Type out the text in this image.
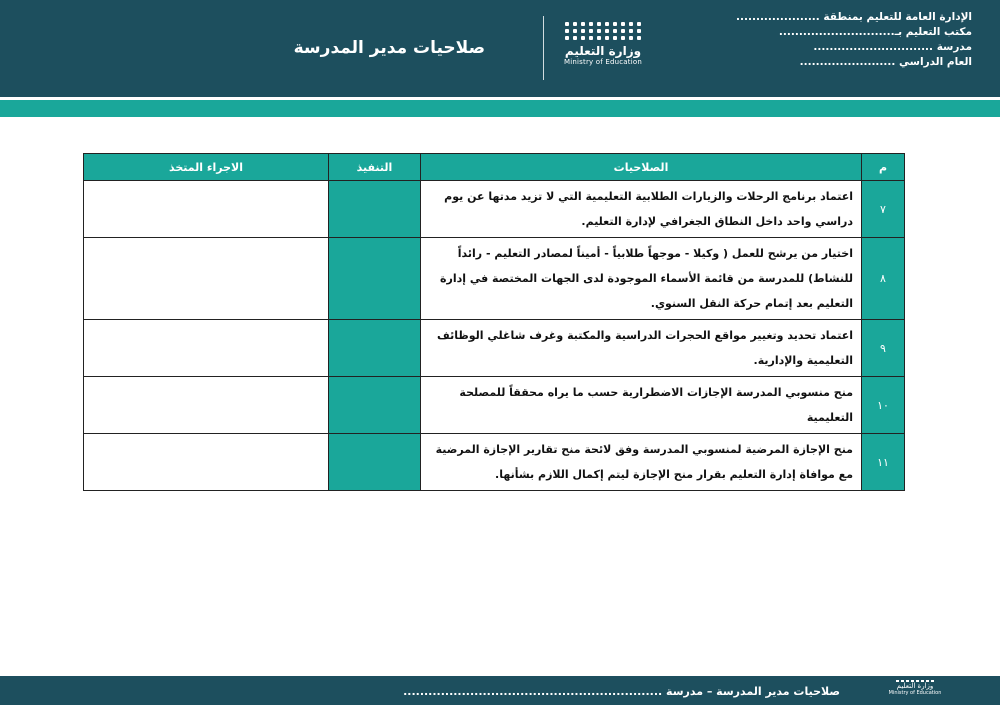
الإدارة العامة للتعليم بمنطقة .....................
مكتب التعليم بـ.............................
مدرسة ..............................
العام الدراسي ........................
وزارة التعليم
Ministry of Education
صلاحيات مدير المدرسة
م	الصلاحيات	التنفيذ	الاجراء المتخذ
٧	اعتماد برنامج الرحلات والزيارات الطلابية التعليمية التي لا تزيد مدتها عن يوم دراسي واحد داخل النطاق الجغرافي لإدارة التعليم.		
٨	اختيار من يرشح للعمل ( وكيلا - موجهاً طلابياً - أميناً لمصادر التعليم - رائداً للنشاط) للمدرسة من قائمة الأسماء الموجودة لدى الجهات المختصة في إدارة التعليم بعد إتمام حركة النقل السنوي.		
٩	اعتماد تحديد وتغيير مواقع الحجرات الدراسية والمكتبة وغرف شاغلي الوظائف التعليمية والإدارية.		
١٠	منح منسوبي المدرسة الإجازات الاضطرارية حسب ما يراه محققاً للمصلحة التعليمية		
١١	منح الإجازة المرضية لمنسوبي المدرسة وفق لائحة منح تقارير الإجازة المرضية مع موافاة إدارة التعليم بقرار منح الإجازة ليتم إكمال اللازم بشأنها.		
صلاحيات مدير المدرسة – مدرسة ..............................................................	وزارة التعليم
Ministry of Education
